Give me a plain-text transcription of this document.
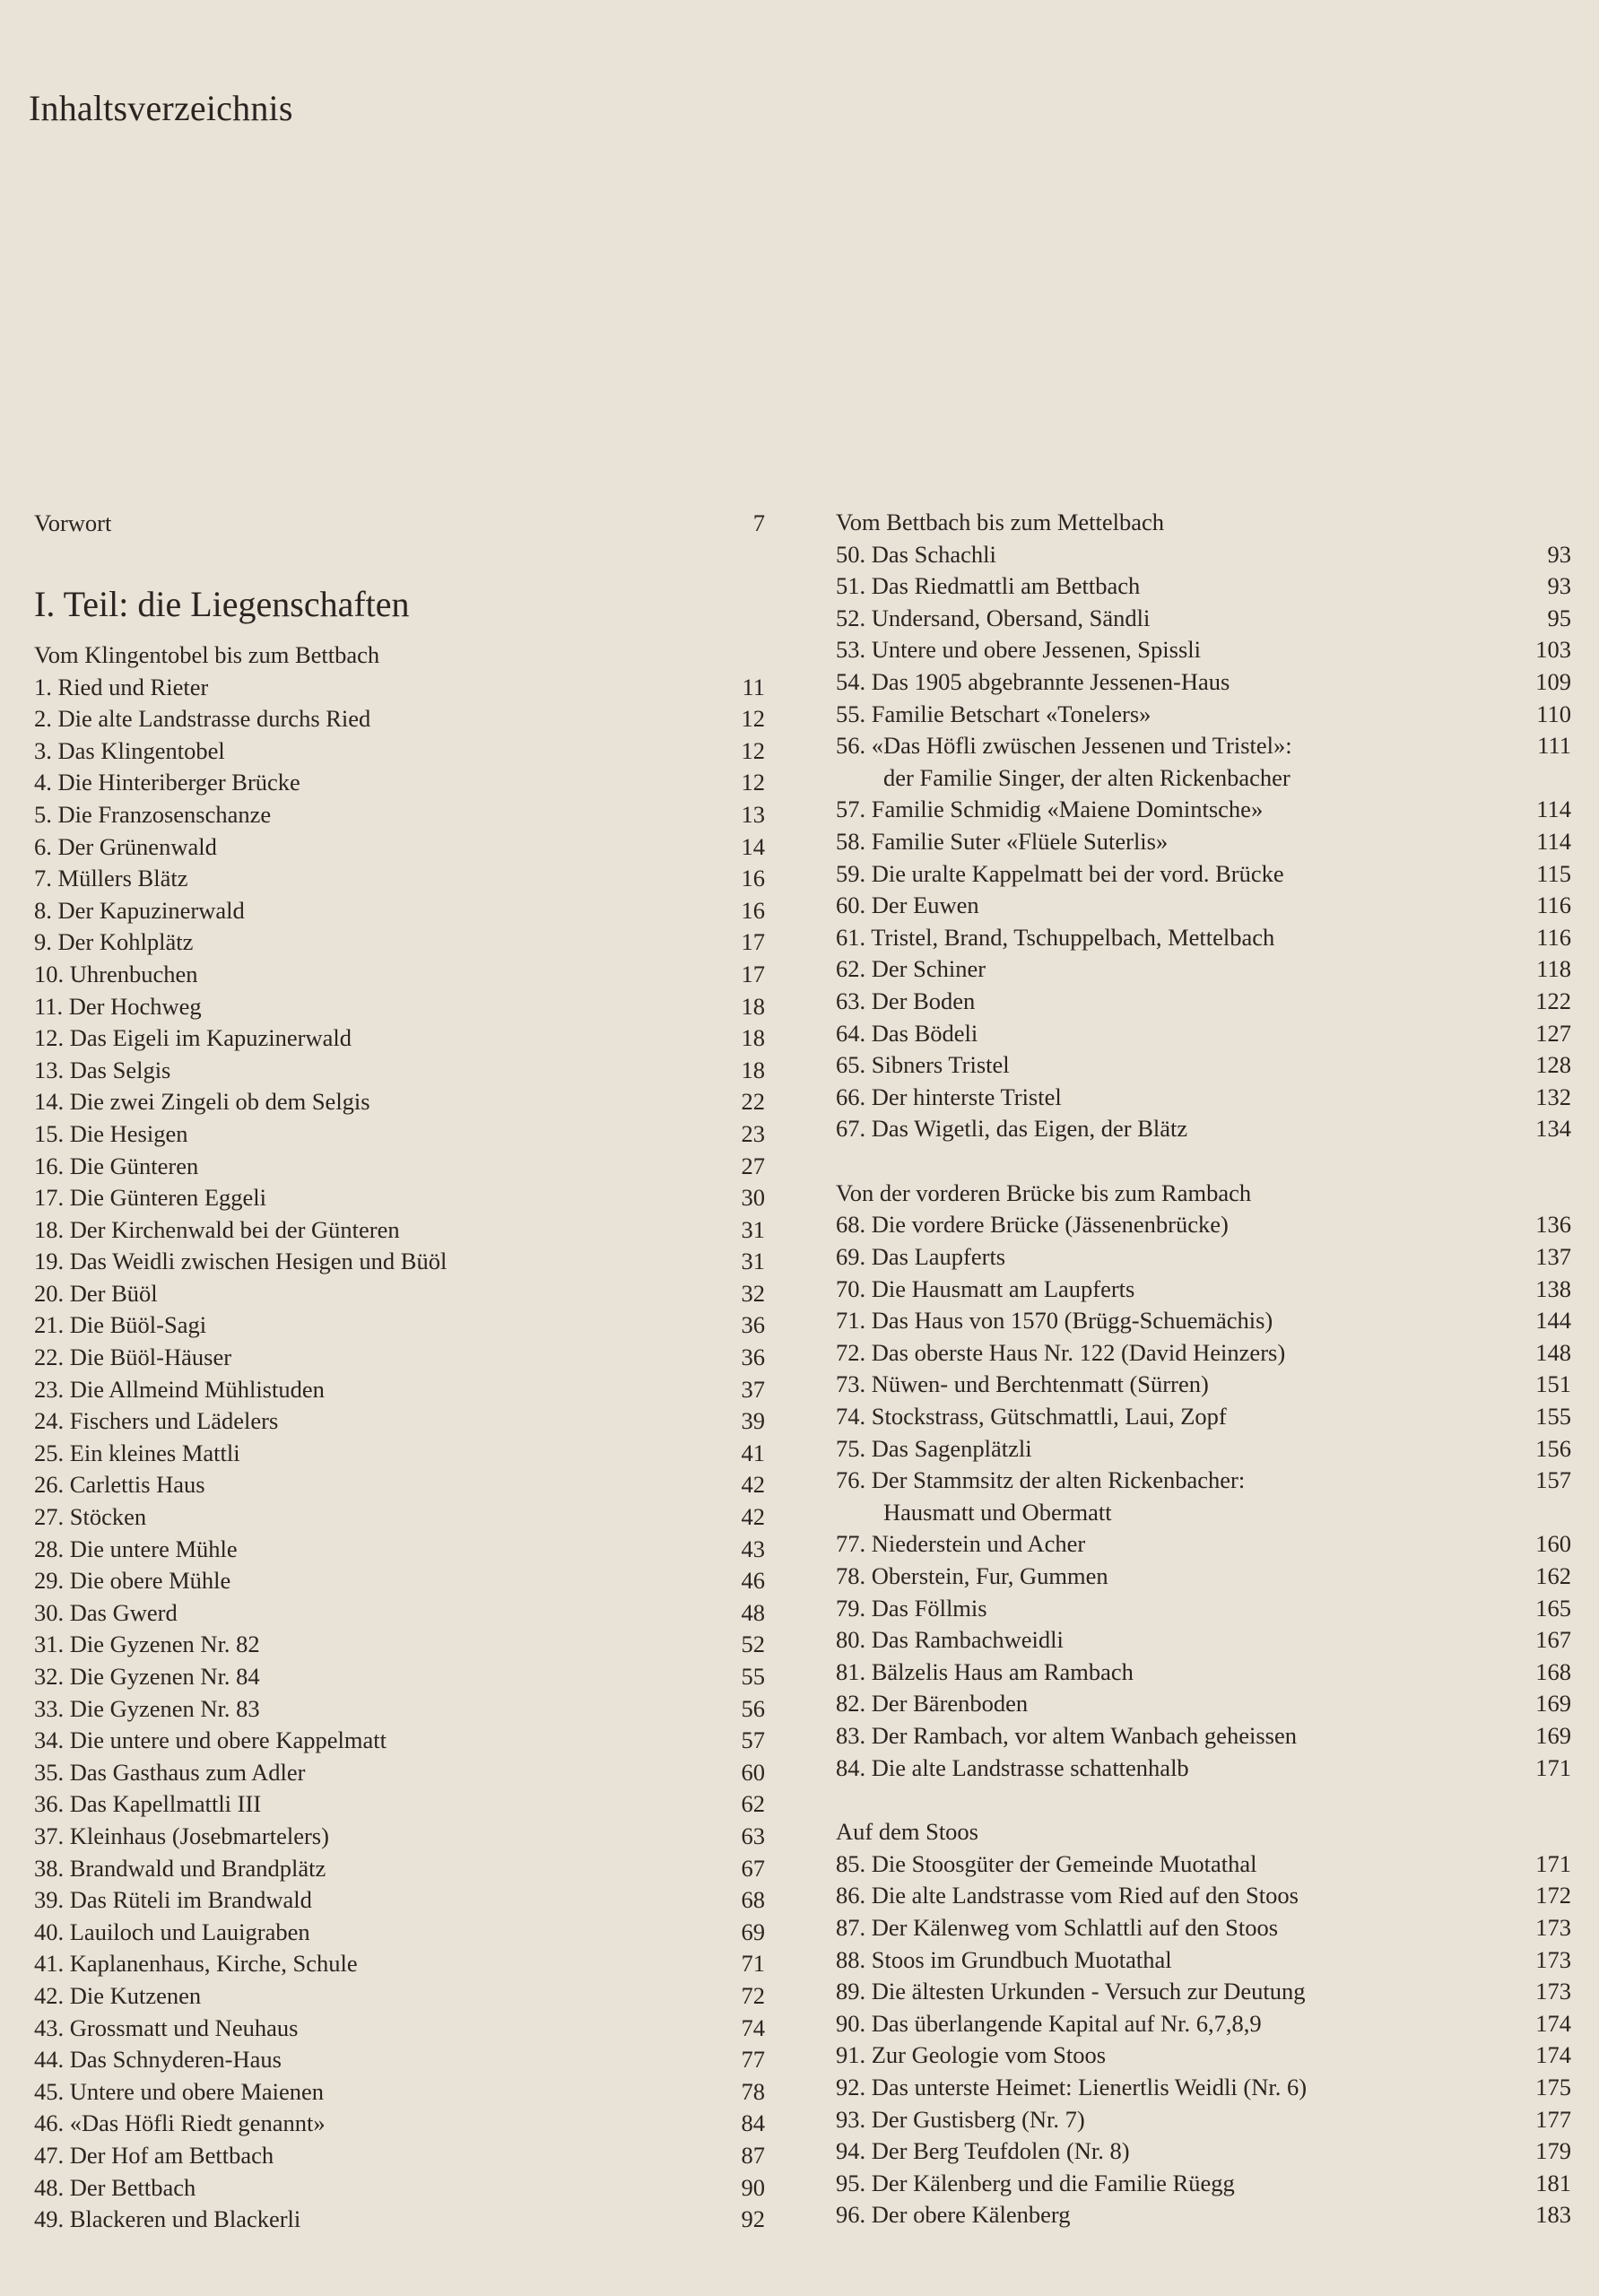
Inhaltsverzeichnis
Vorwort	7
I. Teil: die Liegenschaften
Vom Klingentobel bis zum Bettbach
1. Ried und Rieter	11
2. Die alte Landstrasse durchs Ried	12
3. Das Klingentobel	12
4. Die Hinteriberger Brücke	12
5. Die Franzosenschanze	13
6. Der Grünenwald	14
7. Müllers Blätz	16
8. Der Kapuzinerwald	16
9. Der Kohlplätz	17
10. Uhrenbuchen	17
11. Der Hochweg	18
12. Das Eigeli im Kapuzinerwald	18
13. Das Selgis	18
14. Die zwei Zingeli ob dem Selgis	22
15. Die Hesigen	23
16. Die Günteren	27
17. Die Günteren Eggeli	30
18. Der Kirchenwald bei der Günteren	31
19. Das Weidli zwischen Hesigen und Büöl	31
20. Der Büöl	32
21. Die Büöl-Sagi	36
22. Die Büöl-Häuser	36
23. Die Allmeind Mühlistuden	37
24. Fischers und Lädelers	39
25. Ein kleines Mattli	41
26. Carlettis Haus	42
27. Stöcken	42
28. Die untere Mühle	43
29. Die obere Mühle	46
30. Das Gwerd	48
31. Die Gyzenen Nr. 82	52
32. Die Gyzenen Nr. 84	55
33. Die Gyzenen Nr. 83	56
34. Die untere und obere Kappelmatt	57
35. Das Gasthaus zum Adler	60
36. Das Kapellmattli III	62
37. Kleinhaus (Josebmartelers)	63
38. Brandwald und Brandplätz	67
39. Das Rüteli im Brandwald	68
40. Lauiloch und Lauigraben	69
41. Kaplanenhaus, Kirche, Schule	71
42. Die Kutzenen	72
43. Grossmatt und Neuhaus	74
44. Das Schnyderen-Haus	77
45. Untere und obere Maienen	78
46. «Das Höfli Riedt genannt»	84
47. Der Hof am Bettbach	87
48. Der Bettbach	90
49. Blackeren und Blackerli	92
Vom Bettbach bis zum Mettelbach
50. Das Schachli	93
51. Das Riedmattli am Bettbach	93
52. Undersand, Obersand, Sändli	95
53. Untere und obere Jessenen, Spissli	103
54. Das 1905 abgebrannte Jessenen-Haus	109
55. Familie Betschart «Tonelers»	110
56. «Das Höfli zwüschen Jessenen und Tristel»:	111
der Familie Singer, der alten Rickenbacher
57. Familie Schmidig «Maiene Domintsche»	114
58. Familie Suter «Flüele Suterlis»	114
59. Die uralte Kappelmatt bei der vord. Brücke	115
60. Der Euwen	116
61. Tristel, Brand, Tschuppelbach, Mettelbach	116
62. Der Schiner	118
63. Der Boden	122
64. Das Bödeli	127
65. Sibners Tristel	128
66. Der hinterste Tristel	132
67. Das Wigetli, das Eigen, der Blätz	134
Von der vorderen Brücke bis zum Rambach
68. Die vordere Brücke (Jässenenbrücke)	136
69. Das Laupferts	137
70. Die Hausmatt am Laupferts	138
71. Das Haus von 1570 (Brügg-Schuemächis)	144
72. Das oberste Haus Nr. 122 (David Heinzers)	148
73. Nüwen- und Berchtenmatt (Sürren)	151
74. Stockstrass, Gütschmattli, Laui, Zopf	155
75. Das Sagenplätzli	156
76. Der Stammsitz der alten Rickenbacher:	157
Hausmatt und Obermatt
77. Niederstein und Acher	160
78. Oberstein, Fur, Gummen	162
79. Das Föllmis	165
80. Das Rambachweidli	167
81. Bälzelis Haus am Rambach	168
82. Der Bärenboden	169
83. Der Rambach, vor altem Wanbach geheissen	169
84. Die alte Landstrasse schattenhalb	171
Auf dem Stoos
85. Die Stoosgüter der Gemeinde Muotathal	171
86. Die alte Landstrasse vom Ried auf den Stoos	172
87. Der Kälenweg vom Schlattli auf den Stoos	173
88. Stoos im Grundbuch Muotathal	173
89. Die ältesten Urkunden - Versuch zur Deutung	173
90. Das überlangende Kapital auf Nr. 6,7,8,9	174
91. Zur Geologie vom Stoos	174
92. Das unterste Heimet: Lienertlis Weidli (Nr. 6)	175
93. Der Gustisberg (Nr. 7)	177
94. Der Berg Teufdolen (Nr. 8)	179
95. Der Kälenberg und die Familie Rüegg	181
96. Der obere Kälenberg	183
